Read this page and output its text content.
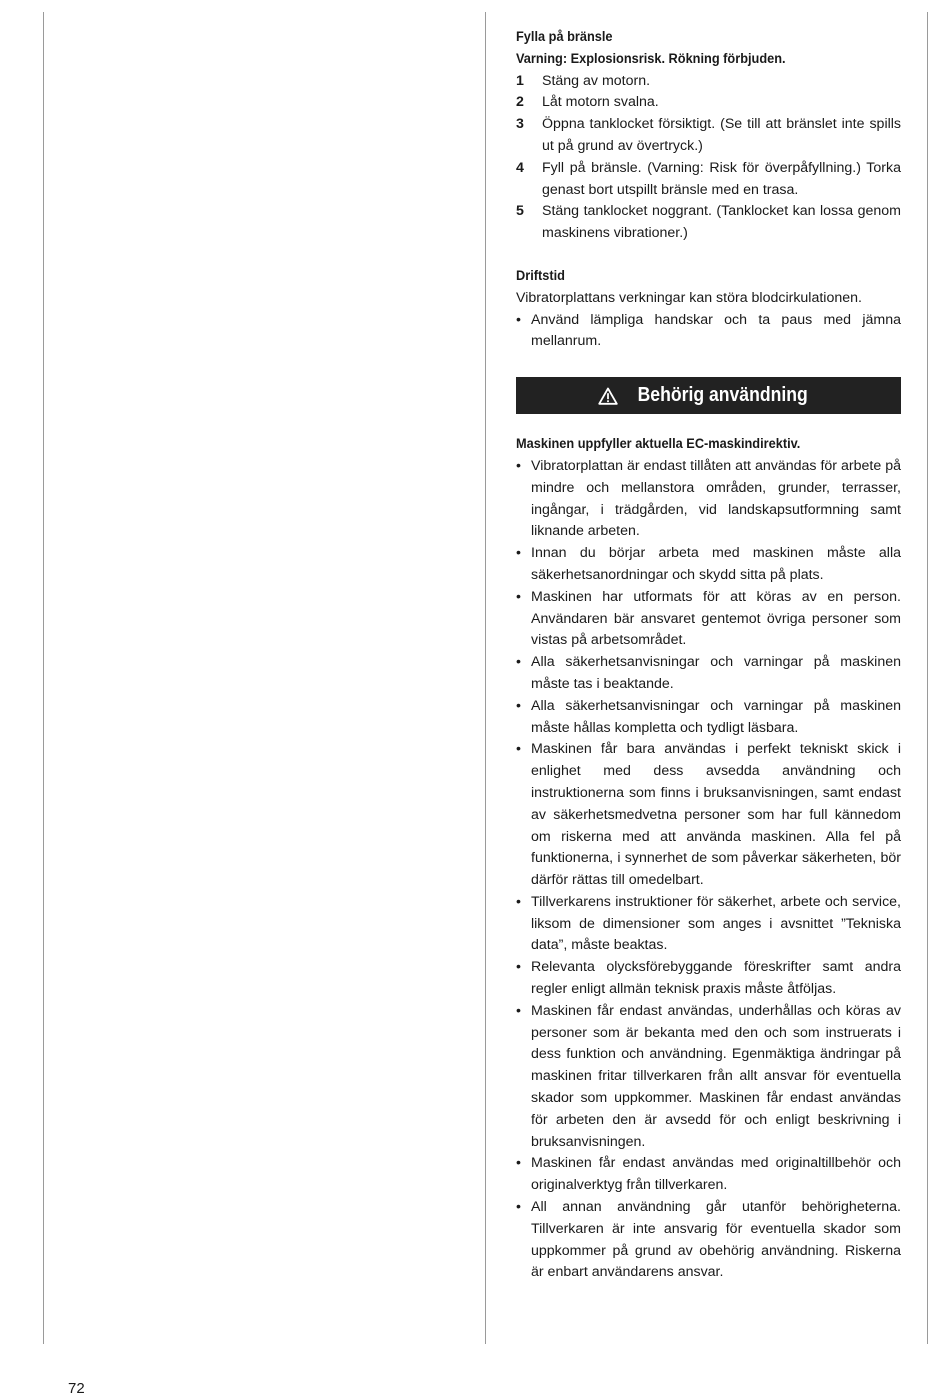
Fylla på bränsle
Varning: Explosionsrisk. Rökning förbjuden.
1 Stäng av motorn.
2 Låt motorn svalna.
3 Öppna tanklocket försiktigt. (Se till att bränslet inte spills ut på grund av övertryck.)
4 Fyll på bränsle. (Varning: Risk för överpåfyllning.) Torka genast bort utspillt bränsle med en trasa.
5 Stäng tanklocket noggrant. (Tanklocket kan lossa genom maskinens vibrationer.)
Driftstid
Vibratorplattans verkningar kan störa blodcirkulationen.
• Använd lämpliga handskar och ta paus med jämna mellanrum.
Behörig användning
Maskinen uppfyller aktuella EC-maskindirektiv.
• Vibratorplattan är endast tillåten att användas för arbete på mindre och mellanstora områden, grunder, terrasser, ingångar, i trädgården, vid landskapsutformning samt liknande arbeten.
• Innan du börjar arbeta med maskinen måste alla säkerhetsanordningar och skydd sitta på plats.
• Maskinen har utformats för att köras av en person. Användaren bär ansvaret gentemot övriga personer som vistas på arbetsområdet.
• Alla säkerhetsanvisningar och varningar på maskinen måste tas i beaktande.
• Alla säkerhetsanvisningar och varningar på maskinen måste hållas kompletta och tydligt läsbara.
• Maskinen får bara användas i perfekt tekniskt skick i enlighet med dess avsedda användning och instruktionerna som finns i bruksanvisningen, samt endast av säkerhetsmedvetna personer som har full kännedom om riskerna med att använda maskinen. Alla fel på funktionerna, i synnerhet de som påverkar säkerheten, bör därför rättas till omedelbart.
• Tillverkarens instruktioner för säkerhet, arbete och service, liksom de dimensioner som anges i avsnittet ”Tekniska data”, måste beaktas.
• Relevanta olycksförebyggande föreskrifter samt andra regler enligt allmän teknisk praxis måste åtföljas.
• Maskinen får endast användas, underhållas och köras av personer som är bekanta med den och som instruerats i dess funktion och användning. Egenmäktiga ändringar på maskinen fritar tillverkaren från allt ansvar för eventuella skador som uppkommer. Maskinen får endast användas för arbeten den är avsedd för och enligt beskrivning i bruksanvisningen.
• Maskinen får endast användas med originaltillbehör och originalverktyg från tillverkaren.
• All annan användning går utanför behörigheterna. Tillverkaren är inte ansvarig för eventuella skador som uppkommer på grund av obehörig användning. Riskerna är enbart användarens ansvar.
72
